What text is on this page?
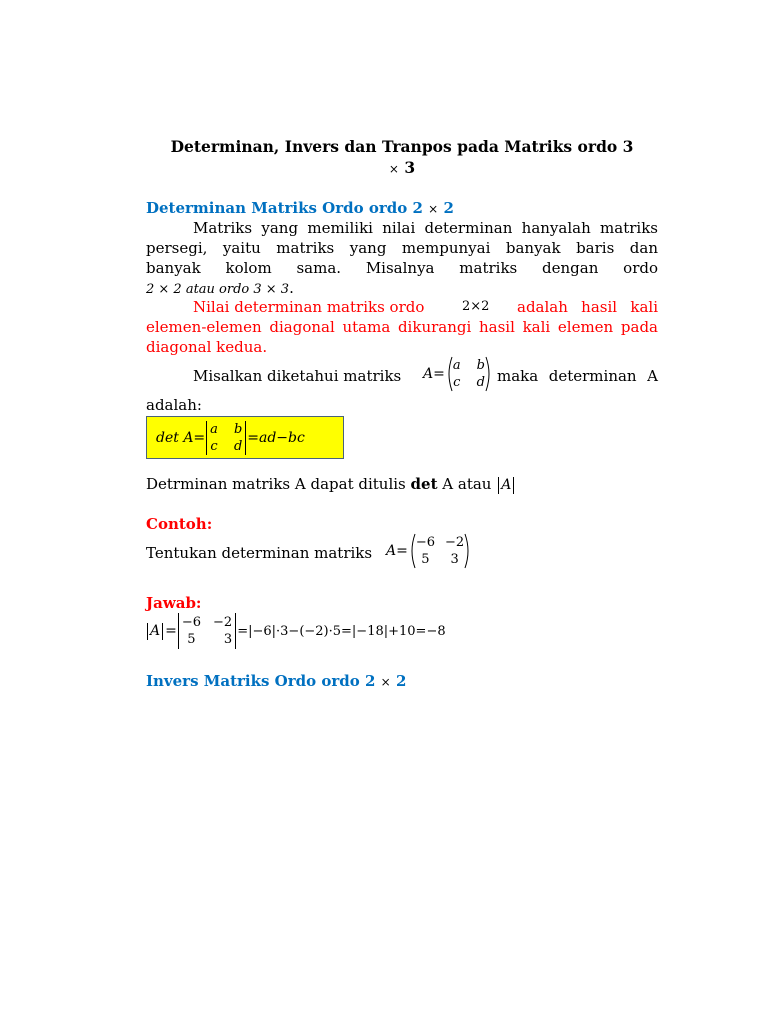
Determinan, Invers dan Tranpos pada Matriks ordo 3
× 3
Determinan Matriks Ordo ordo 2 × 2
Matriks yang memiliki nilai determinan hanyalah matriks
persegi, yaitu matriks yang mempunyai banyak baris dan
banyak kolom sama. Misalnya matriks dengan ordo
2 × 2 atau ordo 3 × 3.
Nilai determinan matriks ordo	2×2 adalah hasil kali
elemen-elemen diagonal utama dikurangi hasil kali elemen pada
diagonal kedua.
Misalkan diketahui matriks A=
a b
c d maka determinan A
adalah:
det A=
a b
c d
=ad−bc
Detrminan matriks A dapat ditulis det A atau A
Contoh:
Tentukan determinan matriks A=
−6 −2
5	3
Jawab:
A =
−6 −2
5	3
=|−6|·3−(−2)·5=|−18|+10=−8
Invers Matriks Ordo ordo 2 × 2
